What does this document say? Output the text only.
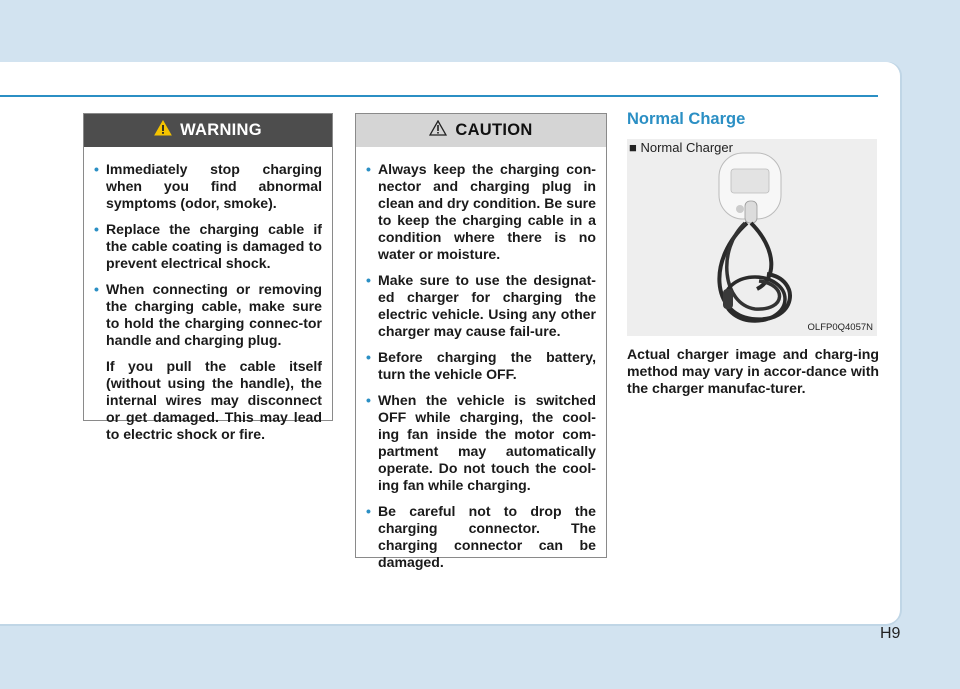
WARNING
• Immediately stop charging when you find abnormal symptoms (odor, smoke).
• Replace the charging cable if the cable coating is damaged to prevent electrical shock.
• When connecting or removing the charging cable, make sure to hold the charging connec-tor handle and charging plug.

If you pull the cable itself (without using the handle), the internal wires may disconnect or get damaged. This may lead to electric shock or fire.

CAUTION
• Always keep the charging con-nector and charging plug in clean and dry condition. Be sure to keep the charging cable in a condition where there is no water or moisture.
• Make sure to use the designat-ed charger for charging the electric vehicle. Using any other charger may cause fail-ure.
• Before charging the battery, turn the vehicle OFF.
• When the vehicle is switched OFF while charging, the cool-ing fan inside the motor com-partment may automatically operate. Do not touch the cool-ing fan while charging.
• Be careful not to drop the charging connector. The charging connector can be damaged.
Normal Charge
■ Normal Charger
OLFP0Q4057N

Actual charger image and charg-ing method may vary in accor-dance with the charger manufac-turer.

H9
